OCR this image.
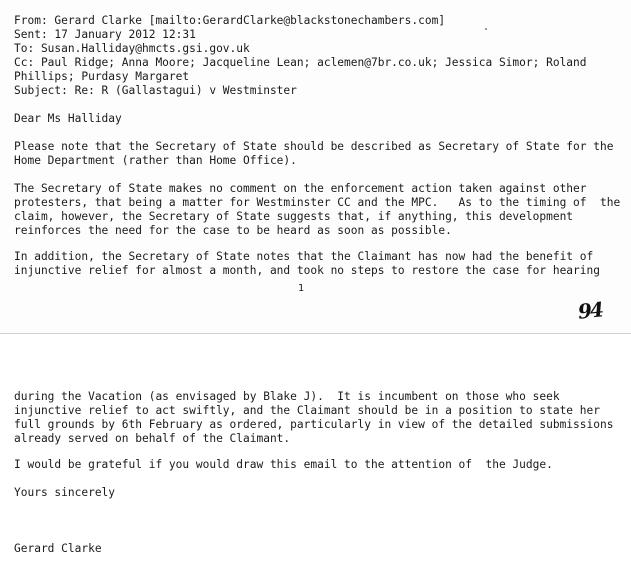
From: Gerard Clarke [mailto:GerardClarke@blackstonechambers.com]
Sent: 17 January 2012 12:31
To: Susan.Halliday@hmcts.gsi.gov.uk
Cc: Paul Ridge; Anna Moore; Jacqueline Lean; aclemen@7br.co.uk; Jessica Simor; Roland
Phillips; Purdasy Margaret
Subject: Re: R (Gallastagui) v Westminster
Dear Ms Halliday
Please note that the Secretary of State should be described as Secretary of State for the
Home Department (rather than Home Office).
The Secretary of State makes no comment on the enforcement action taken against other
protesters, that being a matter for Westminster CC and the MPC.   As to the timing of  the
claim, however, the Secretary of State suggests that, if anything, this development
reinforces the need for the case to be heard as soon as possible.
In addition, the Secretary of State notes that the Claimant has now had the benefit of
injunctive relief for almost a month, and took no steps to restore the case for hearing
1
94
during the Vacation (as envisaged by Blake J).  It is incumbent on those who seek
injunctive relief to act swiftly, and the Claimant should be in a position to state her
full grounds by 6th February as ordered, particularly in view of the detailed submissions
already served on behalf of the Claimant.
I would be grateful if you would draw this email to the attention of  the Judge.
Yours sincerely
Gerard Clarke
